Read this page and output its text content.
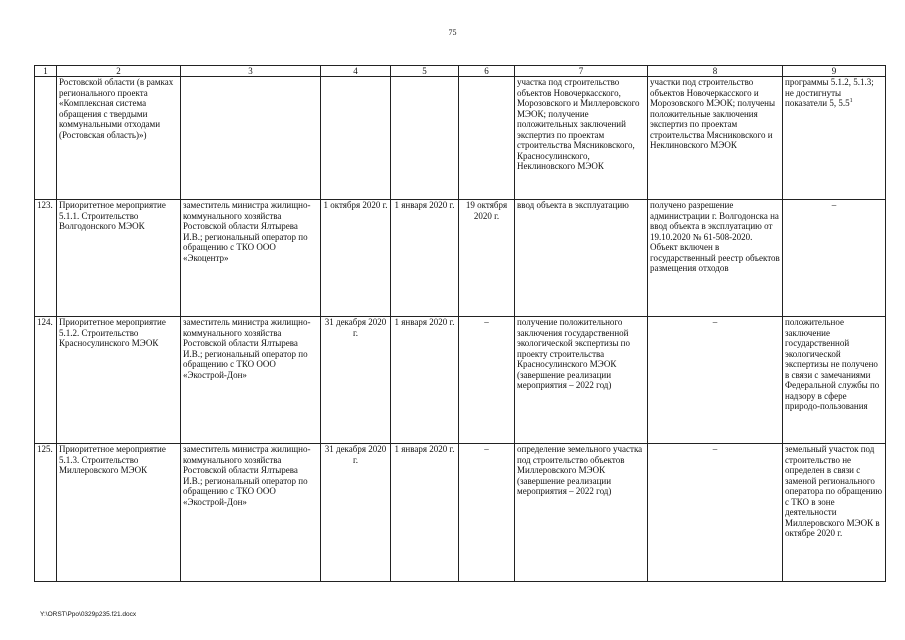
75
1	2	3	4	5	6	7	8	9

	Ростовской области (в рамках регионального проекта «Комплексная система обращения с твердыми коммунальными отходами (Ростовская область)»)					участка под строительство объектов Новочеркасского, Морозовского и Миллеровского МЭОК; получение положительных заключений экспертиз по проектам строительства Мясниковского, Красносулинского, Неклиновского МЭОК	участки под строительство объектов Новочеркасского и Морозовского МЭОК; получены положительные заключения экспертиз по проектам строительства Мясниковского и Неклиновского МЭОК	программы 5.1.2, 5.1.3; не достигнуты показатели 5, $5.5^1$
123.	Приоритетное мероприятие 5.1.1. Строительство Волгодонского МЭОК	заместитель министра жилищно-коммунального хозяйства Ростовской области Ялтырева И.В.; региональный оператор по обращению с ТКО ООО «Экоцентр»	1 октября 2020 г.	1 января 2020 г.	19 октября 2020 г.	ввод объекта в эксплуатацию	получено разрешение администрации г. Волгодонска на ввод объекта в эксплуатацию от 19.10.2020 № 61-508-2020. Объект включен в государственный реестр объектов размещения отходов	–
124.	Приоритетное мероприятие 5.1.2. Строительство Красносулинского МЭОК	заместитель министра жилищно-коммунального хозяйства Ростовской области Ялтырева И.В.; региональный оператор по обращению с ТКО ООО «Экострой-Дон»	31 декабря 2020 г.	1 января 2020 г.	–	получение положительного заключения государственной экологической экспертизы по проекту строительства Красносулинского МЭОК (завершение реализации мероприятия – 2022 год)	–	положительное заключение государственной экологической экспертизы не получено в связи с замечаниями Федеральной службы по надзору в сфере природо-пользования

125.	Приоритетное мероприятие 5.1.3. Строительство Миллеровского МЭОК	заместитель министра жилищно-коммунального хозяйства Ростовской области Ялтырева И.В.; региональный оператор по обращению с ТКО ООО «Экострой-Дон»	31 декабря 2020 г.	1 января 2020 г.	–	определение земельного участка под строительство объектов Миллеровского МЭОК (завершение реализации мероприятия – 2022 год)	–	земельный участок под строительство не определен в связи с заменой регионального оператора по обращению с ТКО в зоне деятельности Миллеровского МЭОК в октябре 2020 г.
Y:\ORST\Ppo\0329p235.f21.docx
